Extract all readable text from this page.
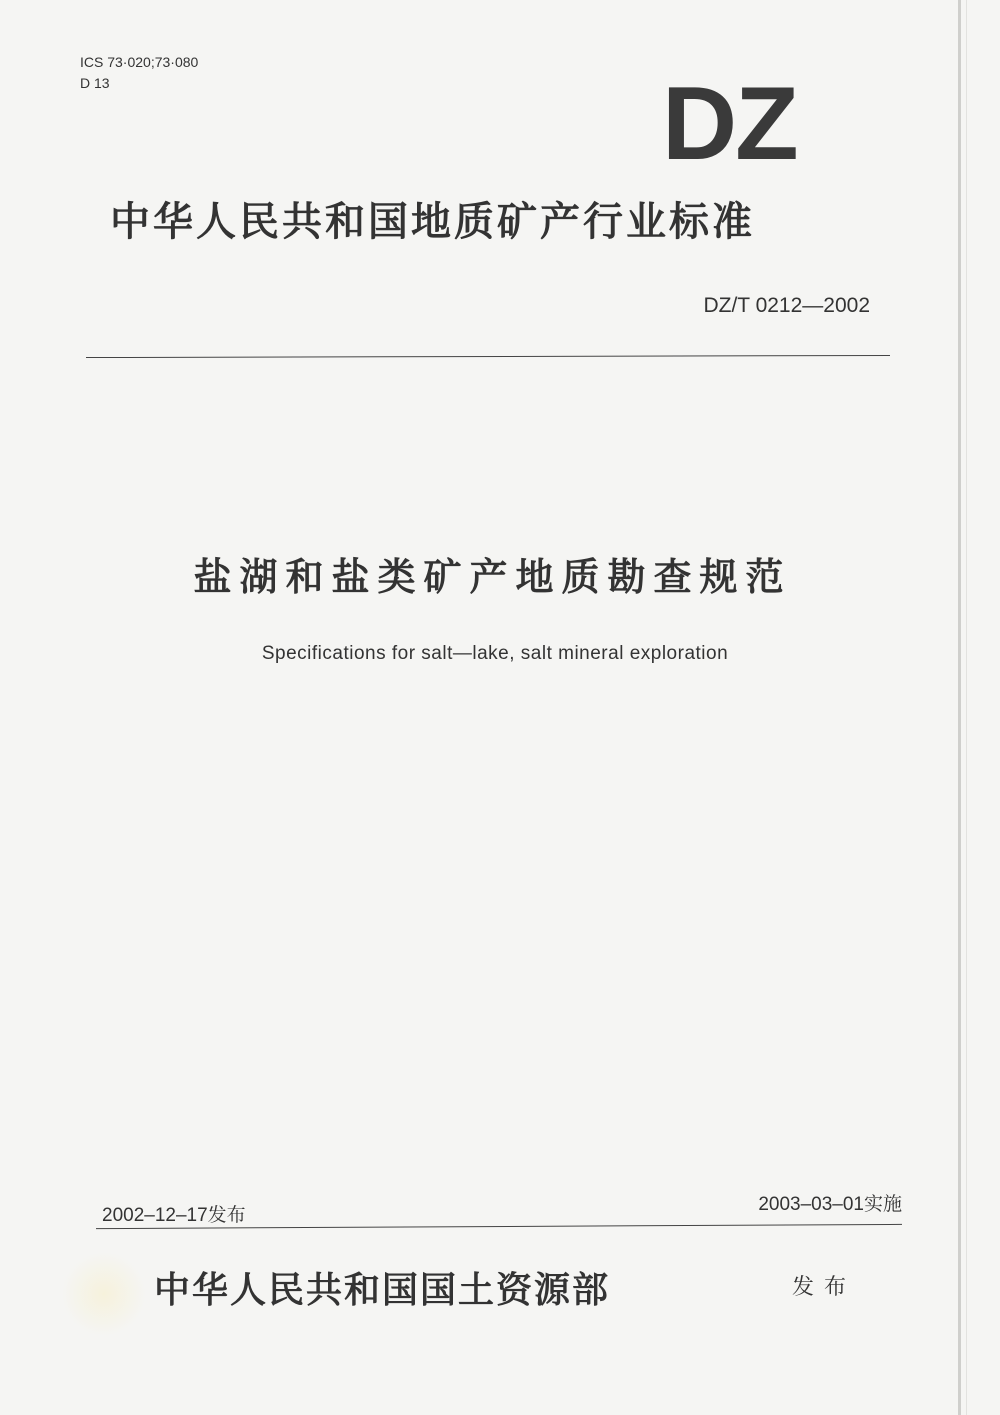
ICS 73·020;73·080
D 13	DZ
中华人民共和国地质矿产行业标准
DZ/T 0212—2002
盐湖和盐类矿产地质勘查规范
Specifications for salt—lake, salt mineral exploration
2002–12–17发布
2003–03–01实施
中华人民共和国国土资源部	发布
